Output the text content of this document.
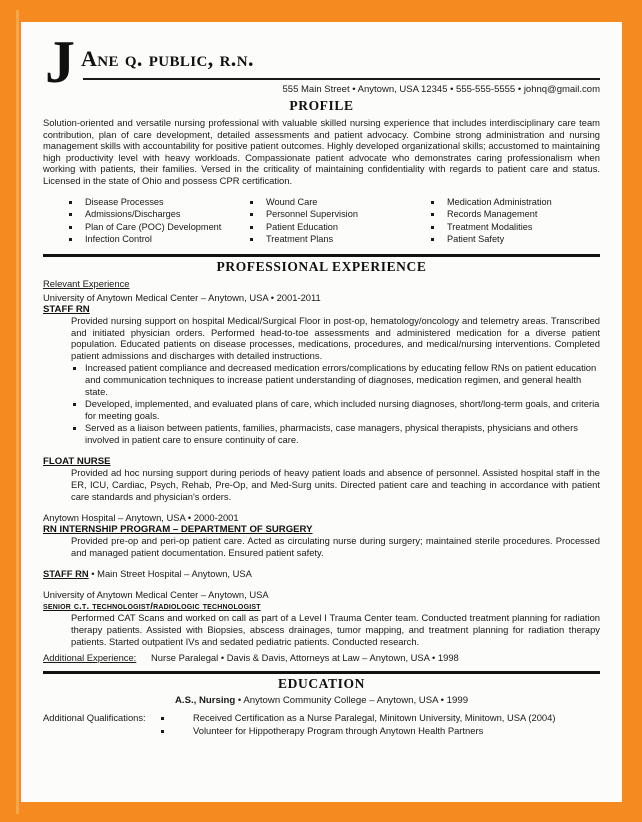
J ane q. public, r.n.
555 Main Street • Anytown, USA 12345 • 555-555-5555 • johnq@gmail.com
PROFILE

Solution-oriented and versatile nursing professional with valuable skilled nursing experience that includes interdisciplinary care team contribution, plan of care development, detailed assessments and patient advocacy. Combine strong administration and nursing management skills with accountability for positive patient outcomes. Highly developed organizational skills; accustomed to maintaining high productivity level with heavy workloads. Compassionate patient advocate who demonstrates caring professionalism when working with patients, their families. Versed in the criticality of maintaining confidentiality with regards to patient care and status. Licensed in the state of Ohio and possess CPR certification.

Disease Processes
Admissions/Discharges
Plan of Care (POC) Development
Infection Control
Wound Care
Personnel Supervision
Patient Education
Treatment Plans
Medication Administration
Records Management
Treatment Modalities
Patient Safety
PROFESSIONAL EXPERIENCE
Relevant Experience
University of Anytown Medical Center – Anytown, USA • 2001-2011
STAFF RN

Provided nursing support on hospital Medical/Surgical Floor in post-op, hematology/oncology and telemetry areas. Transcribed and initiated physician orders. Performed head-to-toe assessments and administered medication for a diverse patient population. Educated patients on disease processes, medications, procedures, and medical/nursing interventions. Completed patient admissions and discharges with detailed instructions.

Increased patient compliance and decreased medication errors/complications by educating fellow RNs on patient education and communication techniques to increase patient understanding of diagnoses, medication regimen, and general health state.
Developed, implemented, and evaluated plans of care, which included nursing diagnoses, short/long-term goals, and criteria for meeting goals.
Served as a liaison between patients, families, pharmacists, case managers, physical therapists, physicians and others involved in patient care to ensure continuity of care.
FLOAT NURSE

Provided ad hoc nursing support during periods of heavy patient loads and absence of personnel. Assisted hospital staff in the ER, ICU, Cardiac, Psych, Rehab, Pre-Op, and Med-Surg units. Directed patient care and teaching in accordance with patient care standards and physician's orders.

Anytown Hospital – Anytown, USA • 2000-2001
RN INTERNSHIP PROGRAM – DEPARTMENT OF SURGERY

Provided pre-op and peri-op patient care. Acted as circulating nurse during surgery; maintained sterile procedures. Processed and managed patient documentation. Ensured patient safety.

STAFF RN • Main Street Hospital – Anytown, USA
University of Anytown Medical Center – Anytown, USA
senior c.t. technologist/radiologic technologist

Performed CAT Scans and worked on call as part of a Level I Trauma Center team. Conducted treatment planning for radiation therapy patients. Assisted with Biopsies, abscess drainages, tumor mapping, and treatment planning for radiation therapy patients. Started outpatient IVs and sedated pediatric patients. Conducted research.

Additional Experience:	Nurse Paralegal • Davis & Davis, Attorneys at Law – Anytown, USA • 1998
EDUCATION
A.S., Nursing • Anytown Community College – Anytown, USA • 1999
Additional Qualifications:	Received Certification as a Nurse Paralegal, Minitown University, Minitown, USA (2004)
Volunteer for Hippotherapy Program through Anytown Health Partners
